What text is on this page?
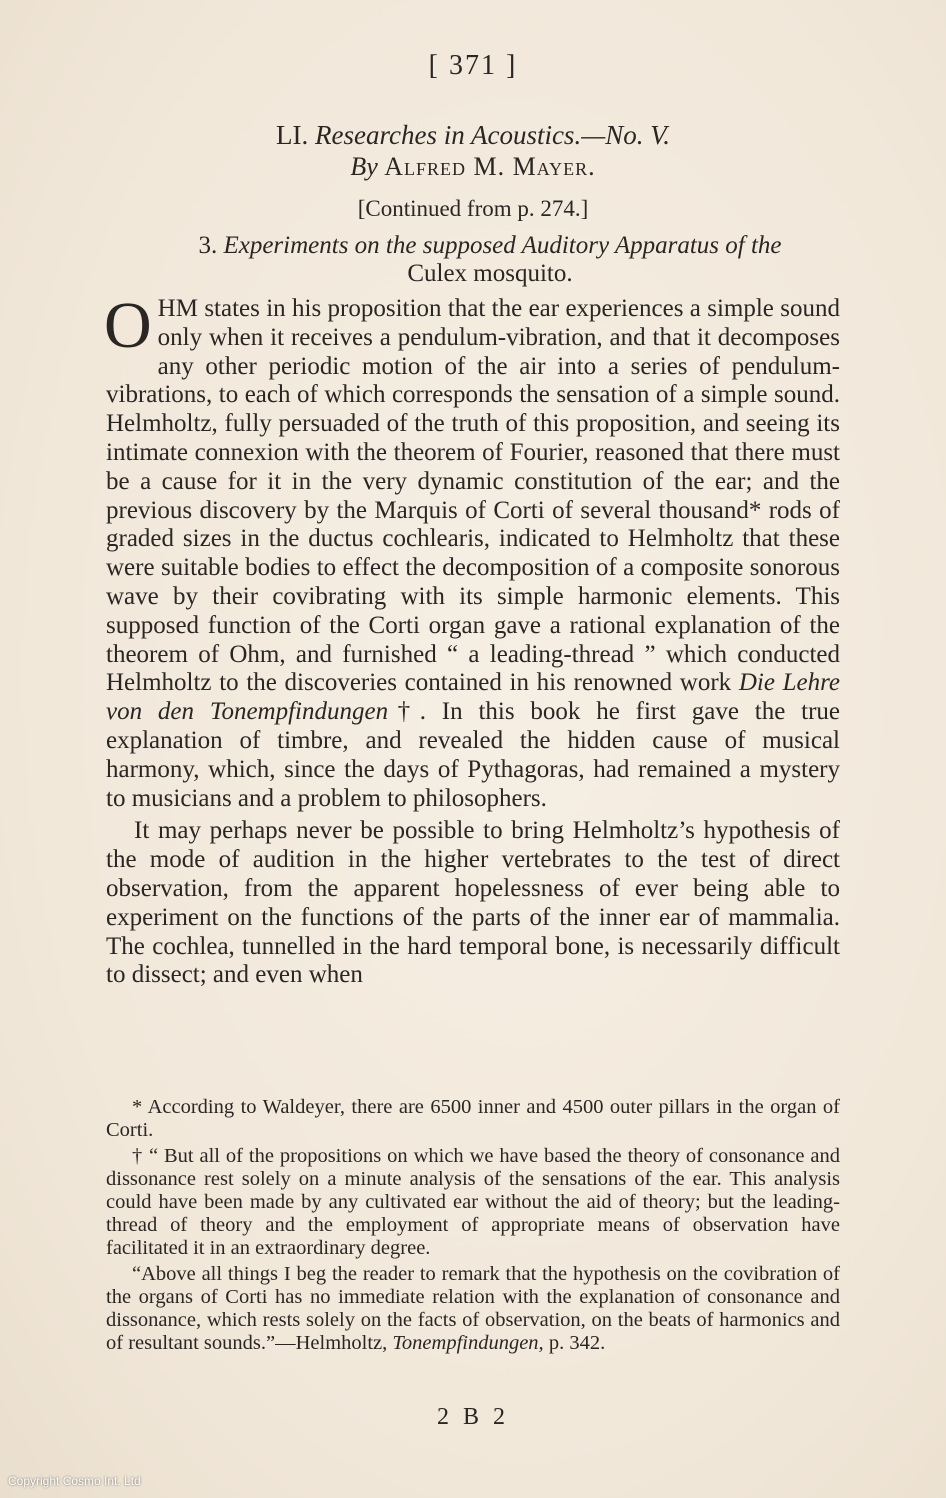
[ 371 ]
LI. Researches in Acoustics.—No. V.
By Alfred M. Mayer.
[Continued from p. 274.]
3. Experiments on the supposed Auditory Apparatus of the
Culex mosquito.

OHM states in his proposition that the ear experiences a simple sound only when it receives a pendulum-vibration, and that it decomposes any other periodic motion of the air into a series of pendulum-vibrations, to each of which corresponds the sensation of a simple sound. Helmholtz, fully persuaded of the truth of this proposition, and seeing its intimate connexion with the theorem of Fourier, reasoned that there must be a cause for it in the very dynamic constitution of the ear; and the previous discovery by the Marquis of Corti of several thousand* rods of graded sizes in the ductus cochlearis, indicated to Helmholtz that these were suitable bodies to effect the decomposition of a composite sonorous wave by their covibrating with its simple harmonic elements. This supposed function of the Corti organ gave a rational explanation of the theorem of Ohm, and furnished “ a leading-thread ” which conducted Helmholtz to the discoveries contained in his renowned work Die Lehre von den Tonempfindungen†. In this book he first gave the true explanation of timbre, and revealed the hidden cause of musical harmony, which, since the days of Pythagoras, had remained a mystery to musicians and a problem to philosophers.

It may perhaps never be possible to bring Helmholtz’s hypothesis of the mode of audition in the higher vertebrates to the test of direct observation, from the apparent hopelessness of ever being able to experiment on the functions of the parts of the inner ear of mammalia. The cochlea, tunnelled in the hard temporal bone, is necessarily difficult to dissect; and even when

* According to Waldeyer, there are 6500 inner and 4500 outer pillars in the organ of Corti.

† “ But all of the propositions on which we have based the theory of consonance and dissonance rest solely on a minute analysis of the sensations of the ear. This analysis could have been made by any cultivated ear without the aid of theory; but the leading-thread of theory and the employment of appropriate means of observation have facilitated it in an extraordinary degree.

“Above all things I beg the reader to remark that the hypothesis on the covibration of the organs of Corti has no immediate relation with the explanation of consonance and dissonance, which rests solely on the facts of observation, on the beats of harmonics and of resultant sounds.”—Helmholtz, Tonempfindungen, p. 342.

2 B 2
Copyright Cosmo Int. Ltd
